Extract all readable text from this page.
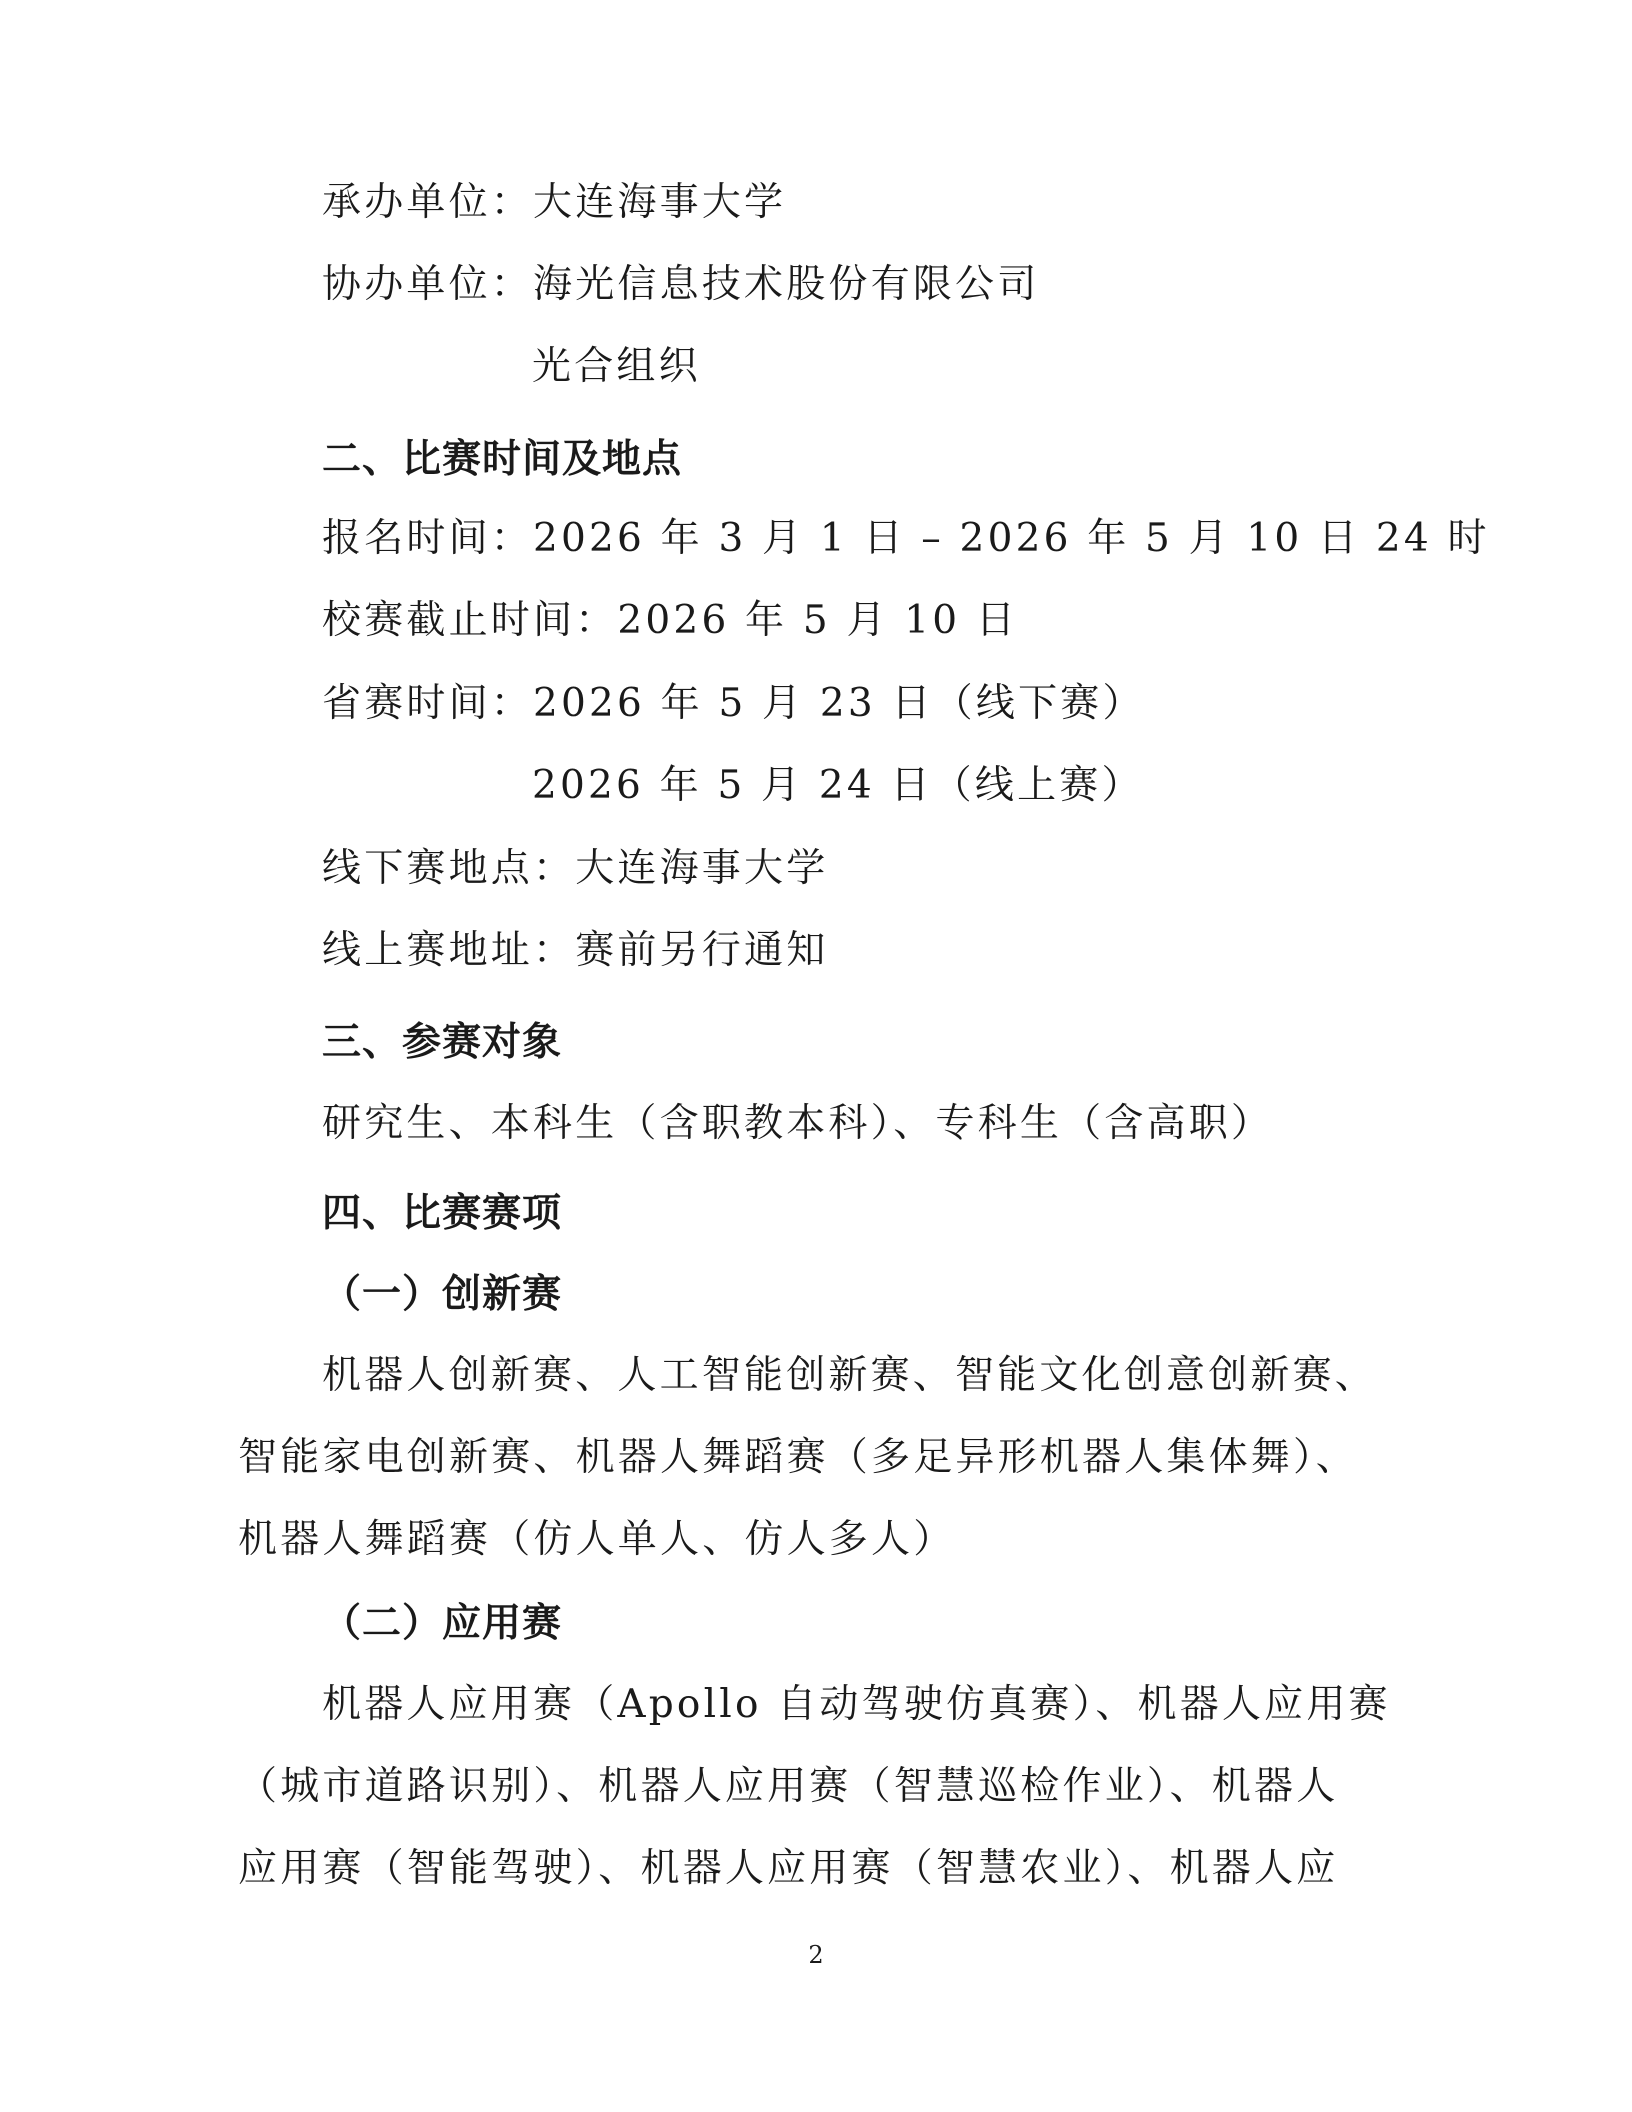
承办单位：大连海事大学
协办单位：海光信息技术股份有限公司
光合组织
二、比赛时间及地点
报名时间：2026 年 3 月 1 日 – 2026 年 5 月 10 日 24 时
校赛截止时间：2026 年 5 月 10 日
省赛时间：2026 年 5 月 23 日（线下赛）
2026 年 5 月 24 日（线上赛）
线下赛地点：大连海事大学
线上赛地址：赛前另行通知
三、参赛对象
研究生、本科生（含职教本科）、专科生（含高职）
四、比赛赛项
（一）创新赛
机器人创新赛、人工智能创新赛、智能文化创意创新赛、
智能家电创新赛、机器人舞蹈赛（多足异形机器人集体舞）、
机器人舞蹈赛（仿人单人、仿人多人）
（二）应用赛
机器人应用赛（Apollo 自动驾驶仿真赛）、机器人应用赛
（城市道路识别）、机器人应用赛（智慧巡检作业）、机器人
应用赛（智能驾驶）、机器人应用赛（智慧农业）、机器人应
2
